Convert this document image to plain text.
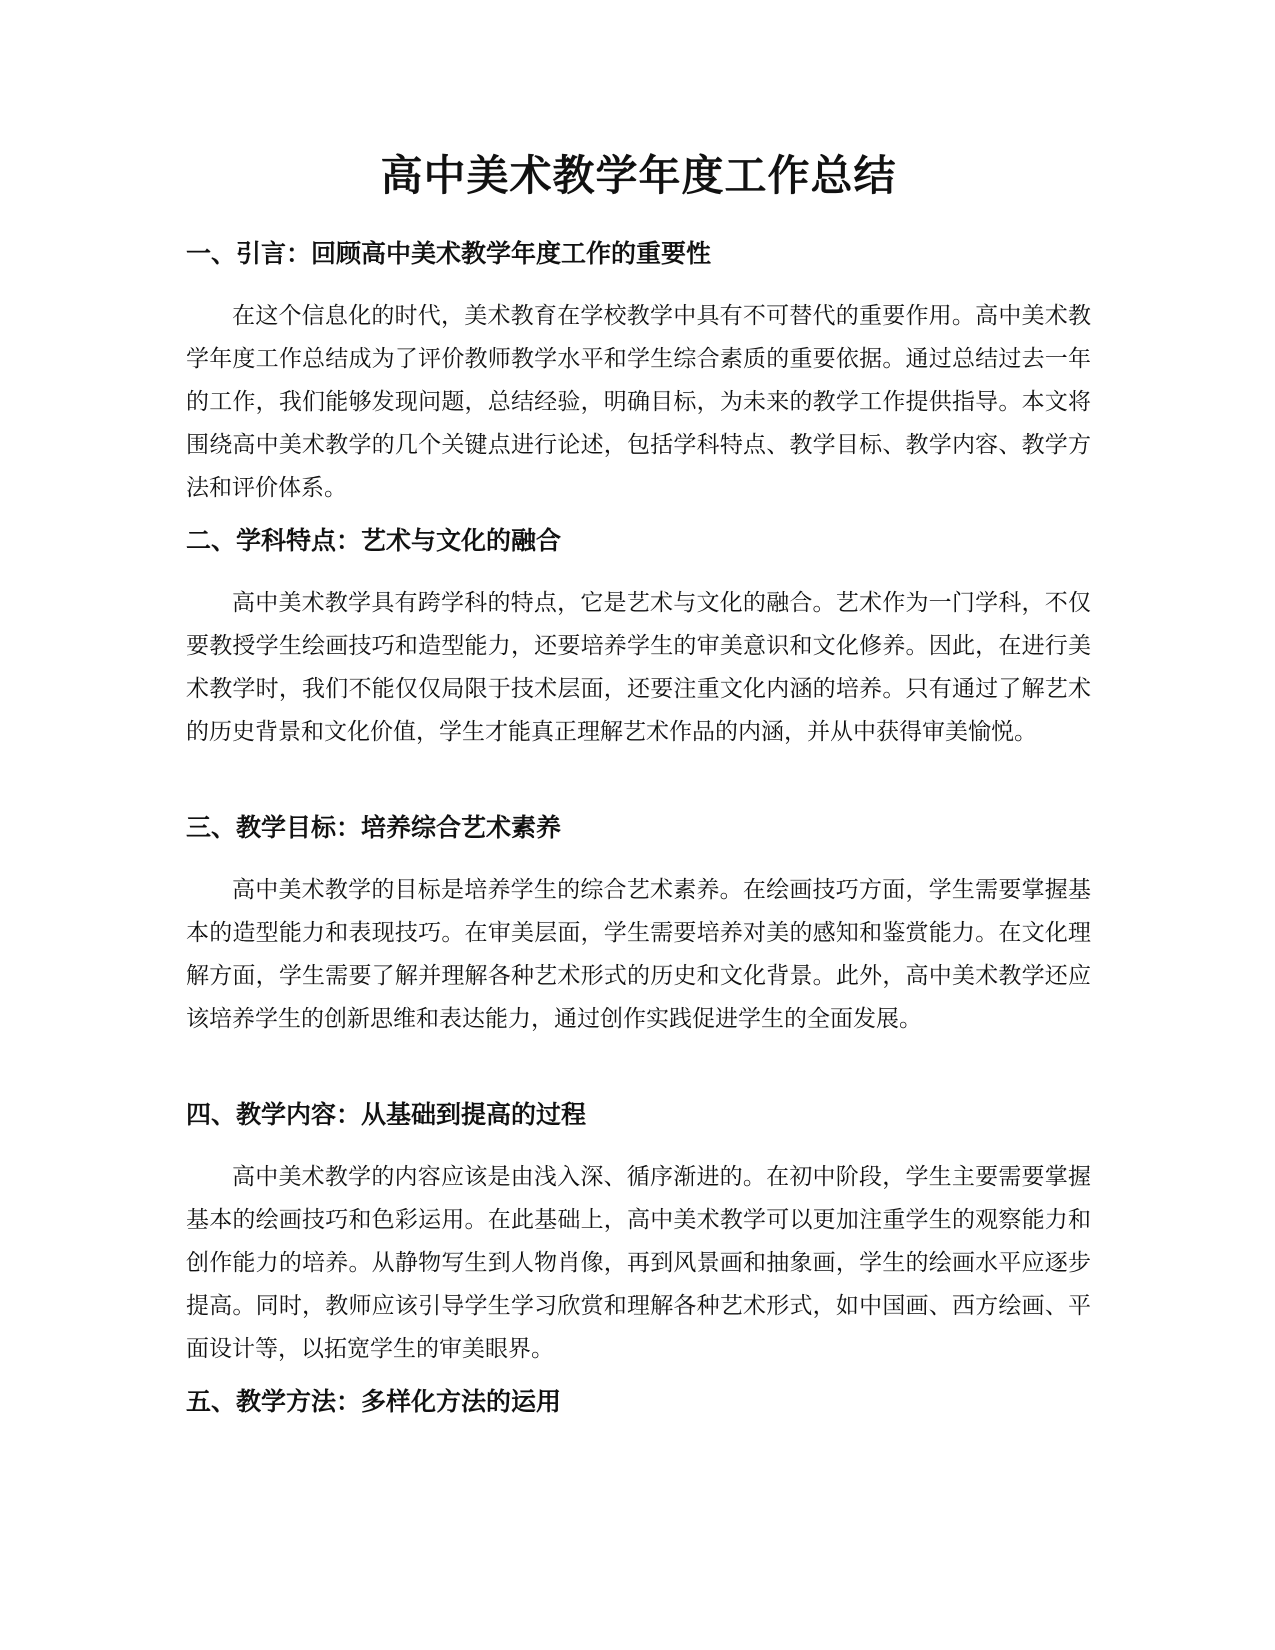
高中美术教学年度工作总结
一、引言：回顾高中美术教学年度工作的重要性

在这个信息化的时代，美术教育在学校教学中具有不可替代的重要作用。高中美术教学年度工作总结成为了评价教师教学水平和学生综合素质的重要依据。通过总结过去一年的工作，我们能够发现问题，总结经验，明确目标，为未来的教学工作提供指导。本文将围绕高中美术教学的几个关键点进行论述，包括学科特点、教学目标、教学内容、教学方法和评价体系。

二、学科特点：艺术与文化的融合

高中美术教学具有跨学科的特点，它是艺术与文化的融合。艺术作为一门学科，不仅要教授学生绘画技巧和造型能力，还要培养学生的审美意识和文化修养。因此，在进行美术教学时，我们不能仅仅局限于技术层面，还要注重文化内涵的培养。只有通过了解艺术的历史背景和文化价值，学生才能真正理解艺术作品的内涵，并从中获得审美愉悦。

三、教学目标：培养综合艺术素养

高中美术教学的目标是培养学生的综合艺术素养。在绘画技巧方面，学生需要掌握基本的造型能力和表现技巧。在审美层面，学生需要培养对美的感知和鉴赏能力。在文化理解方面，学生需要了解并理解各种艺术形式的历史和文化背景。此外，高中美术教学还应该培养学生的创新思维和表达能力，通过创作实践促进学生的全面发展。

四、教学内容：从基础到提高的过程

高中美术教学的内容应该是由浅入深、循序渐进的。在初中阶段，学生主要需要掌握基本的绘画技巧和色彩运用。在此基础上，高中美术教学可以更加注重学生的观察能力和创作能力的培养。从静物写生到人物肖像，再到风景画和抽象画，学生的绘画水平应逐步提高。同时，教师应该引导学生学习欣赏和理解各种艺术形式，如中国画、西方绘画、平面设计等，以拓宽学生的审美眼界。

五、教学方法：多样化方法的运用
